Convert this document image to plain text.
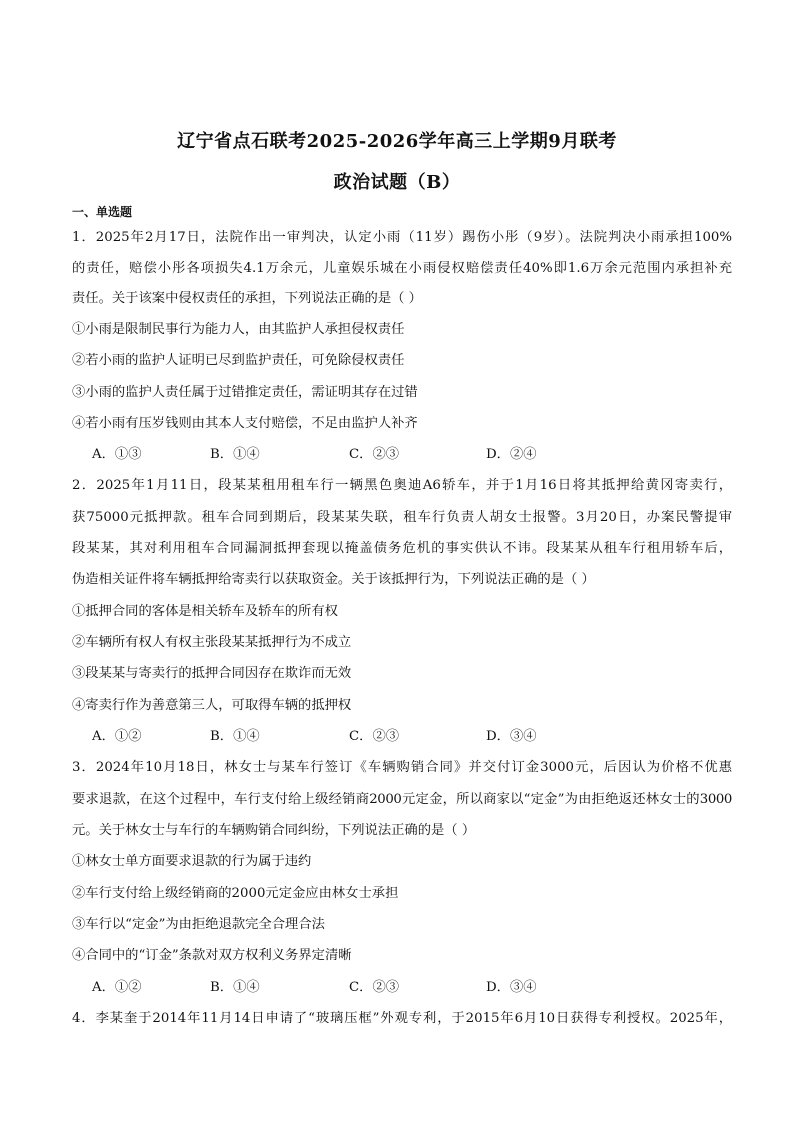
辽宁省点石联考2025-2026学年高三上学期9月联考
政治试题（B）
一、单选题
1．2025年2月17日，法院作出一审判决，认定小雨（11岁）踢伤小彤（9岁）。法院判决小雨承担100%
的责任，赔偿小彤各项损失4.1万余元，儿童娱乐城在小雨侵权赔偿责任40%即1.6万余元范围内承担补充
责任。关于该案中侵权责任的承担，下列说法正确的是（ ）
①小雨是限制民事行为能力人，由其监护人承担侵权责任
②若小雨的监护人证明已尽到监护责任，可免除侵权责任
③小雨的监护人责任属于过错推定责任，需证明其存在过错
④若小雨有压岁钱则由其本人支付赔偿，不足由监护人补齐
A．①③	B．①④	C．②③	D．②④
2．2025年1月11日，段某某租用租车行一辆黑色奥迪A6轿车，并于1月16日将其抵押给黄冈寄卖行，
获75000元抵押款。租车合同到期后，段某某失联，租车行负责人胡女士报警。3月20日，办案民警提审
段某某，其对利用租车合同漏洞抵押套现以掩盖债务危机的事实供认不讳。段某某从租车行租用轿车后，
伪造相关证件将车辆抵押给寄卖行以获取资金。关于该抵押行为，下列说法正确的是（ ）
①抵押合同的客体是相关轿车及轿车的所有权
②车辆所有权人有权主张段某某抵押行为不成立
③段某某与寄卖行的抵押合同因存在欺诈而无效
④寄卖行作为善意第三人，可取得车辆的抵押权
A．①②	B．①④	C．②③	D．③④
3．2024年10月18日，林女士与某车行签订《车辆购销合同》并交付订金3000元，后因认为价格不优惠
要求退款，在这个过程中，车行支付给上级经销商2000元定金，所以商家以“定金”为由拒绝返还林女士的3000
元。关于林女士与车行的车辆购销合同纠纷，下列说法正确的是（ ）
①林女士单方面要求退款的行为属于违约
②车行支付给上级经销商的2000元定金应由林女士承担
③车行以“定金”为由拒绝退款完全合理合法
④合同中的“订金”条款对双方权利义务界定清晰
A．①②	B．①④	C．②③	D．③④
4．李某奎于2014年11月14日申请了“玻璃压框”外观专利，于2015年6月10日获得专利授权。2025年，
